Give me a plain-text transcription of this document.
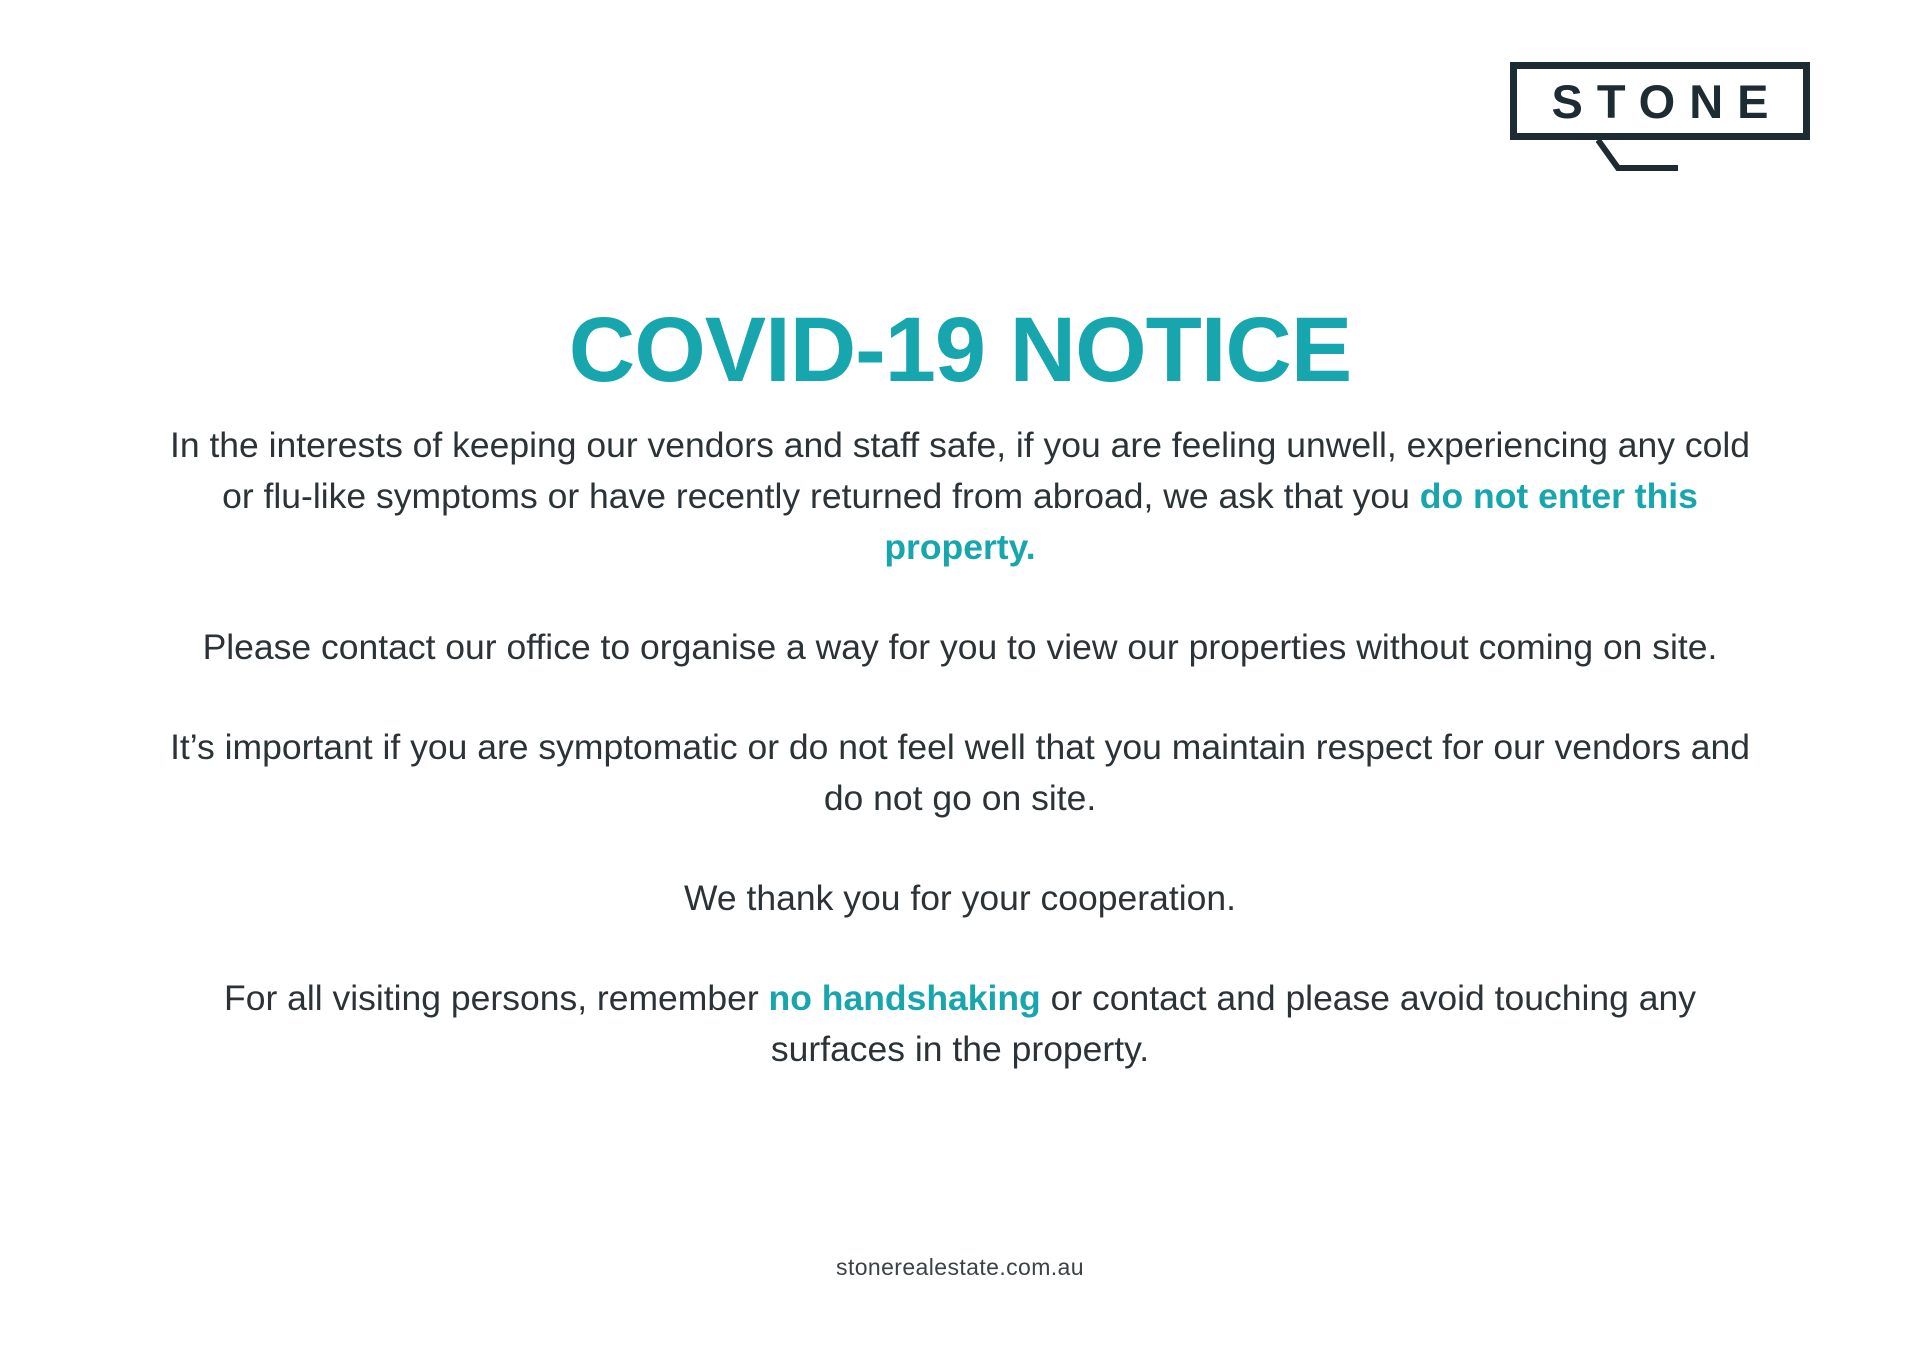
STONE
COVID-19 NOTICE

In the interests of keeping our vendors and staff safe, if you are feeling unwell, experiencing any cold or flu-like symptoms or have recently returned from abroad, we ask that you do not enter this property.

Please contact our office to organise a way for you to view our properties without coming on site.

It’s important if you are symptomatic or do not feel well that you maintain respect for our vendors and do not go on site.

We thank you for your cooperation.

For all visiting persons, remember no handshaking or contact and please avoid touching any surfaces in the property.

stonerealestate.com.au
